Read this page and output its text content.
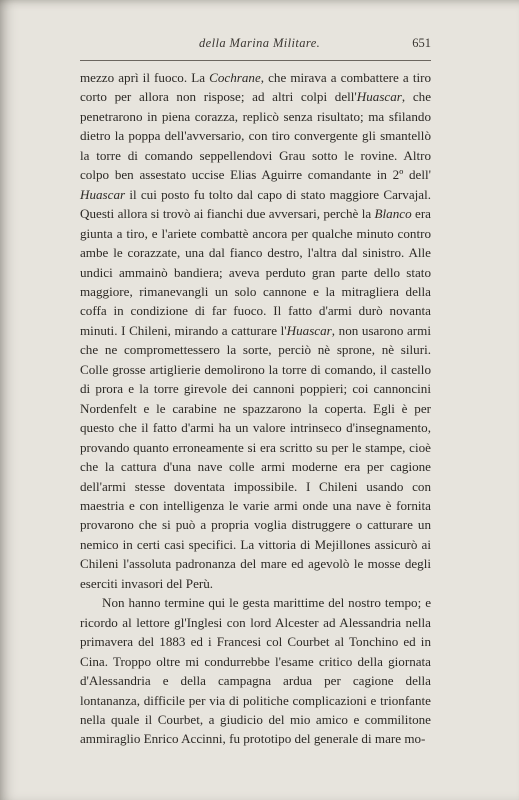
della Marina Militare.	651

mezzo aprì il fuoco. La Cochrane, che mirava a combattere a tiro corto per allora non rispose; ad altri colpi dell'Huascar, che penetrarono in piena corazza, replicò senza risultato; ma sfilando dietro la poppa dell'avversario, con tiro convergente gli smantellò la torre di comando seppellendovi Grau sotto le rovine. Altro colpo ben assestato uccise Elias Aguirre comandante in 2º dell' Huascar il cui posto fu tolto dal capo di stato maggiore Carvajal. Questi allora si trovò ai fianchi due avversari, perchè la Blanco era giunta a tiro, e l'ariete combattè ancora per qualche minuto contro ambe le corazzate, una dal fianco destro, l'altra dal sinistro. Alle undici ammainò bandiera; aveva perduto gran parte dello stato maggiore, rimanevangli un solo cannone e la mitragliera della coffa in condizione di far fuoco. Il fatto d'armi durò novanta minuti. I Chileni, mirando a catturare l'Huascar, non usarono armi che ne compromettessero la sorte, perciò nè sprone, nè siluri. Colle grosse artiglierie demolirono la torre di comando, il castello di prora e la torre girevole dei cannoni poppieri; coi cannoncini Nordenfelt e le carabine ne spazzarono la coperta. Egli è per questo che il fatto d'armi ha un valore intrinseco d'insegnamento, provando quanto erroneamente si era scritto su per le stampe, cioè che la cattura d'una nave colle armi moderne era per cagione dell'armi stesse doventata impossibile. I Chileni usando con maestria e con intelligenza le varie armi onde una nave è fornita provarono che si può a propria voglia distruggere o catturare un nemico in certi casi specifici. La vittoria di Mejillones assicurò ai Chileni l'assoluta padronanza del mare ed agevolò le mosse degli eserciti invasori del Perù.

Non hanno termine qui le gesta marittime del nostro tempo; e ricordo al lettore gl'Inglesi con lord Alcester ad Alessandria nella primavera del 1883 ed i Francesi col Courbet al Tonchino ed in Cina. Troppo oltre mi condurrebbe l'esame critico della giornata d'Alessandria e della campagna ardua per cagione della lontananza, difficile per via di politiche complicazioni e trionfante nella quale il Courbet, a giudicio del mio amico e commilitone ammiraglio Enrico Accinni, fu prototipo del generale di mare mo-
